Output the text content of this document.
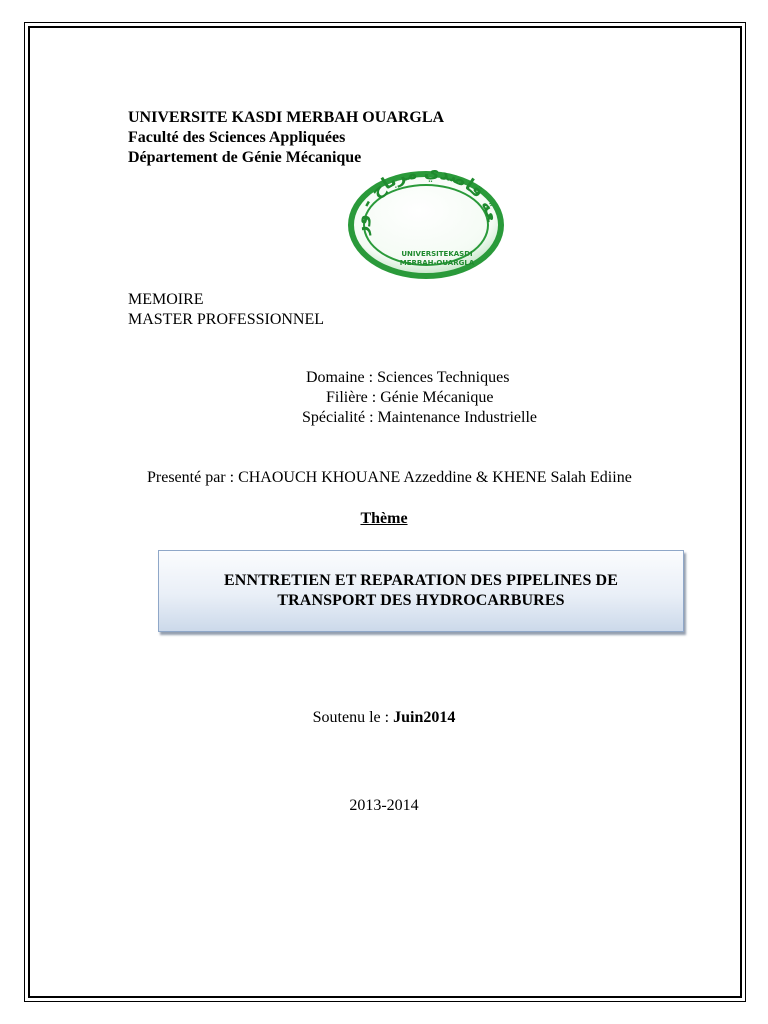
UNIVERSITE KASDI MERBAH OUARGLA
Faculté des Sciences Appliquées
Département de Génie Mécanique
عة قاصدي مرباح - ور
UNIVERSITEKASDI
MERBAH-OUARGLA
MEMOIRE
MASTER PROFESSIONNEL
Domaine : Sciences Techniques
Filière : Génie Mécanique
Spécialité : Maintenance Industrielle
Presenté par : CHAOUCH KHOUANE Azzeddine & KHENE Salah Ediine
Thème
ENNTRETIEN ET REPARATION DES PIPELINES DE
TRANSPORT DES HYDROCARBURES
Soutenu le : Juin2014
2013-2014
